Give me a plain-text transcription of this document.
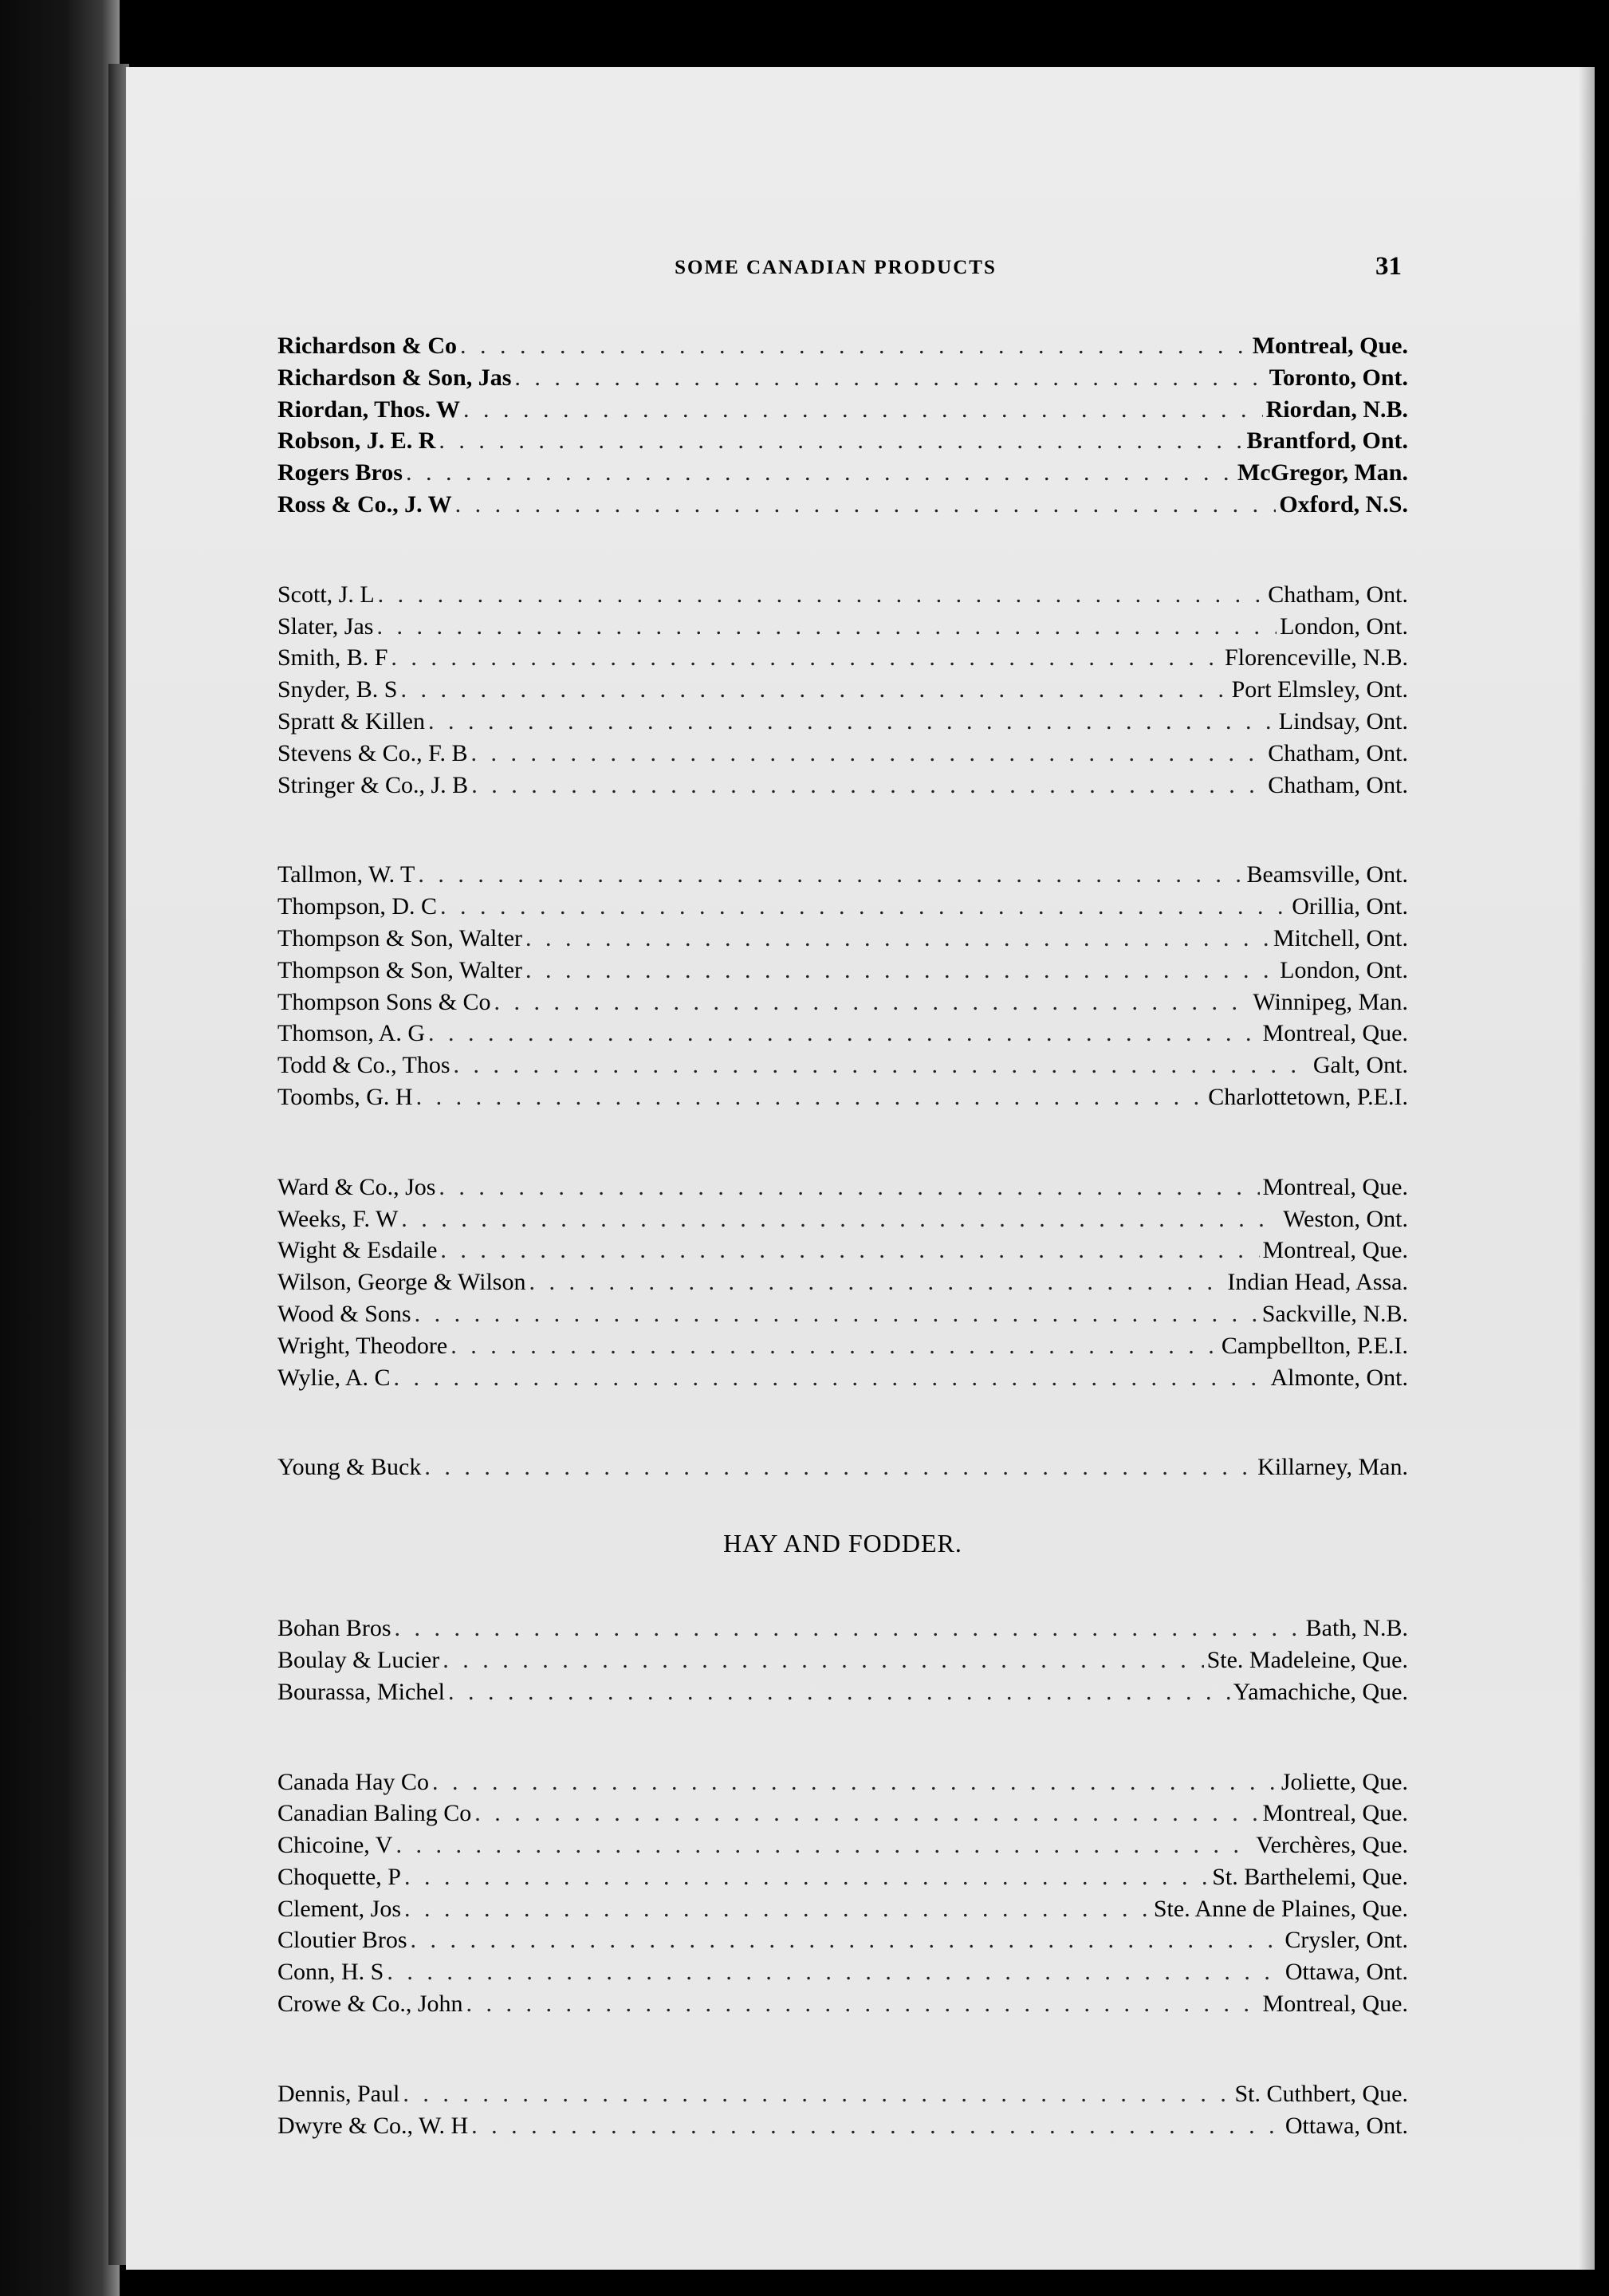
SOME CANADIAN PRODUCTS	31
Richardson & Co . . .	Montreal, Que.
Richardson & Son, Jas . . .	Toronto, Ont.
Riordan, Thos. W . . .	Riordan, N.B.
Robson, J. E. R . . .	Brantford, Ont.
Rogers Bros . . .	McGregor, Man.
Ross & Co., J. W . . .	Oxford, N.S.
Scott, J. L . . .	Chatham, Ont.
Slater, Jas . . .	London, Ont.
Smith, B. F . . .	Florenceville, N.B.
Snyder, B. S . . .	Port Elmsley, Ont.
Spratt & Killen . . .	Lindsay, Ont.
Stevens & Co., F. B . . .	Chatham, Ont.
Stringer & Co., J. B . . .	Chatham, Ont.
Tallmon, W. T . . .	Beamsville, Ont.
Thompson, D. C . . .	Orillia, Ont.
Thompson & Son, Walter . . .	Mitchell, Ont.
Thompson & Son, Walter . . .	London, Ont.
Thompson Sons & Co . . .	Winnipeg, Man.
Thomson, A. G . . .	Montreal, Que.
Todd & Co., Thos . . .	Galt, Ont.
Toombs, G. H . . .	Charlottetown, P.E.I.
Ward & Co., Jos . . .	Montreal, Que.
Weeks, F. W . . .	Weston, Ont.
Wight & Esdaile . . .	Montreal, Que.
Wilson, George & Wilson . . .	Indian Head, Assa.
Wood & Sons . . .	Sackville, N.B.
Wright, Theodore . . .	Campbellton, P.E.I.
Wylie, A. C . . .	Almonte, Ont.
Young & Buck . . .	Killarney, Man.
HAY AND FODDER.
Bohan Bros . . .	Bath, N.B.
Boulay & Lucier . . .	Ste. Madeleine, Que.
Bourassa, Michel . . .	Yamachiche, Que.
Canada Hay Co . . .	Joliette, Que.
Canadian Baling Co . . .	Montreal, Que.
Chicoine, V . . .	Verchères, Que.
Choquette, P . . .	St. Barthelemi, Que.
Clement, Jos . . .	Ste. Anne de Plaines, Que.
Cloutier Bros . . .	Crysler, Ont.
Conn, H. S . . .	Ottawa, Ont.
Crowe & Co., John . . .	Montreal, Que.
Dennis, Paul . . .	St. Cuthbert, Que.
Dwyre & Co., W. H . . .	Ottawa, Ont.
